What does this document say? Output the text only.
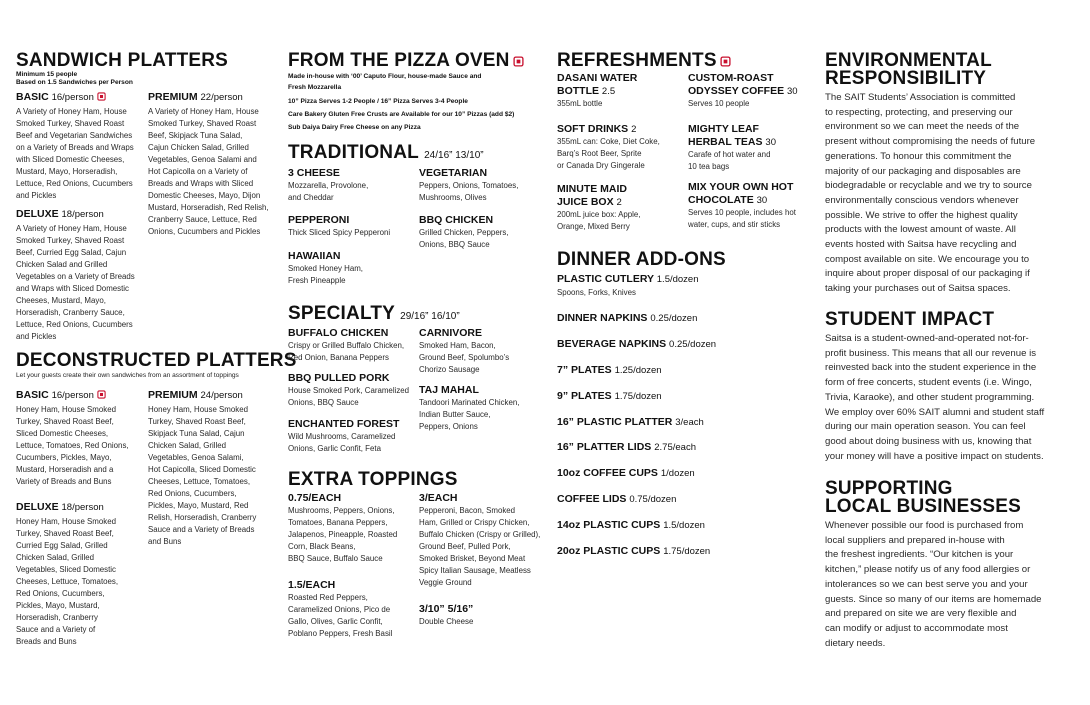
SANDWICH PLATTERS
Minimum 15 people
Based on 1.5 Sandwiches per Person
BASIC 16/person
A Variety of Honey Ham, House
Smoked Turkey, Shaved Roast
Beef and Vegetarian Sandwiches
on a Variety of Breads and Wraps
with Sliced Domestic Cheeses,
Mustard, Mayo, Horseradish,
Lettuce, Red Onions, Cucumbers
and Pickles
PREMIUM 22/person
A Variety of Honey Ham, House
Smoked Turkey, Shaved Roast
Beef, Skipjack Tuna Salad,
Cajun Chicken Salad, Grilled
Vegetables, Genoa Salami and
Hot Capicolla on a Variety of
Breads and Wraps with Sliced
Domestic Cheeses, Mayo, Dijon
Mustard, Horseradish, Red Relish,
Cranberry Sauce, Lettuce, Red
Onions, Cucumbers and Pickles
DELUXE 18/person
A Variety of Honey Ham, House
Smoked Turkey, Shaved Roast
Beef, Curried Egg Salad, Cajun
Chicken Salad and Grilled
Vegetables on a Variety of Breads
and Wraps with Sliced Domestic
Cheeses, Mustard, Mayo,
Horseradish, Cranberry Sauce,
Lettuce, Red Onions, Cucumbers
and Pickles
DECONSTRUCTED PLATTERS
Let your guests create their own sandwiches from an assortment of toppings
BASIC 16/person
Honey Ham, House Smoked
Turkey, Shaved Roast Beef,
Sliced Domestic Cheeses,
Lettuce, Tomatoes, Red Onions,
Cucumbers, Pickles, Mayo,
Mustard, Horseradish and a
Variety of Breads and Buns
PREMIUM 24/person
Honey Ham, House Smoked
Turkey, Shaved Roast Beef,
Skipjack Tuna Salad, Cajun
Chicken Salad, Grilled
Vegetables, Genoa Salami,
Hot Capicolla, Sliced Domestic
Cheeses, Lettuce, Tomatoes,
Red Onions, Cucumbers,
Pickles, Mayo, Mustard, Red
Relish, Horseradish, Cranberry
Sauce and a Variety of Breads
and Buns
DELUXE 18/person
Honey Ham, House Smoked
Turkey, Shaved Roast Beef,
Curried Egg Salad, Grilled
Chicken Salad, Grilled
Vegetables, Sliced Domestic
Cheeses, Lettuce, Tomatoes,
Red Onions, Cucumbers,
Pickles, Mayo, Mustard,
Horseradish, Cranberry
Sauce and a Variety of
Breads and Buns
FROM THE PIZZA OVEN
Made in-house with ‘00’ Caputo Flour, house-made Sauce and
Fresh Mozzarella
10” Pizza Serves 1-2 People / 16” Pizza Serves 3-4 People
Care Bakery Gluten Free Crusts are Available for our 10” Pizzas (add $2)
Sub Daiya Dairy Free Cheese on any Pizza
TRADITIONAL 24/16” 13/10”
3 CHEESE
Mozzarella, Provolone,
and Cheddar
VEGETARIAN
Peppers, Onions, Tomatoes,
Mushrooms, Olives
PEPPERONI
Thick Sliced Spicy Pepperoni
BBQ CHICKEN
Grilled Chicken, Peppers,
Onions, BBQ Sauce
HAWAIIAN
Smoked Honey Ham,
Fresh Pineapple
SPECIALTY 29/16” 16/10”
BUFFALO CHICKEN
Crispy or Grilled Buffalo Chicken,
Red Onion, Banana Peppers
CARNIVORE
Smoked Ham, Bacon,
Ground Beef, Spolumbo’s
Chorizo Sausage
BBQ PULLED PORK
House Smoked Pork, Caramelized
Onions, BBQ Sauce
TAJ MAHAL
Tandoori Marinated Chicken,
Indian Butter Sauce,
Peppers, Onions
ENCHANTED FOREST
Wild Mushrooms, Caramelized
Onions, Garlic Confit, Feta
EXTRA TOPPINGS
0.75/EACH
Mushrooms, Peppers, Onions,
Tomatoes, Banana Peppers,
Jalapenos, Pineapple, Roasted
Corn, Black Beans,
BBQ Sauce, Buffalo Sauce
3/EACH
Pepperoni, Bacon, Smoked
Ham, Grilled or Crispy Chicken,
Buffalo Chicken (Crispy or Grilled),
Ground Beef, Pulled Pork,
Smoked Brisket, Beyond Meat
Spicy Italian Sausage, Meatless
Veggie Ground
1.5/EACH
Roasted Red Peppers,
Caramelized Onions, Pico de
Gallo, Olives, Garlic Confit,
Poblano Peppers, Fresh Basil
3/10” 5/16”
Double Cheese
REFRESHMENTS
DASANI WATER
BOTTLE 2.5
355mL bottle
CUSTOM-ROAST
ODYSSEY COFFEE 30
Serves 10 people
SOFT DRINKS 2
355mL can: Coke, Diet Coke,
Barq’s Root Beer, Sprite
or Canada Dry Gingerale
MIGHTY LEAF
HERBAL TEAS 30
Carafe of hot water and
10 tea bags
MINUTE MAID
JUICE BOX 2
200mL juice box: Apple,
Orange, Mixed Berry
MIX YOUR OWN HOT
CHOCOLATE 30
Serves 10 people, includes hot
water, cups, and stir sticks
DINNER ADD-ONS
PLASTIC CUTLERY 1.5/dozen
Spoons, Forks, Knives
DINNER NAPKINS 0.25/dozen
BEVERAGE NAPKINS 0.25/dozen
7” PLATES 1.25/dozen
9” PLATES 1.75/dozen
16” PLASTIC PLATTER 3/each
16” PLATTER LIDS 2.75/each
10oz COFFEE CUPS 1/dozen
COFFEE LIDS 0.75/dozen
14oz PLASTIC CUPS 1.5/dozen
20oz PLASTIC CUPS 1.75/dozen
ENVIRONMENTAL
RESPONSIBILITY
The SAIT Students’ Association is committed
to respecting, protecting, and preserving our
environment so we can meet the needs of the
present without compromising the needs of future
generations. To honour this commitment the
majority of our packaging and disposables are
biodegradable or recyclable and we try to source
environmentally conscious vendors whenever
possible. We strive to offer the highest quality
products with the lowest amount of waste. All
events hosted with Saitsa have recycling and
compost available on site. We encourage you to
inquire about proper disposal of our packaging if
taking your purchases out of Saitsa spaces.
STUDENT IMPACT
Saitsa is a student-owned-and-operated not-for-
profit business. This means that all our revenue is
reinvested back into the student experience in the
form of free concerts, student events (i.e. Wingo,
Trivia, Karaoke), and other student programming.
We employ over 60% SAIT alumni and student staff
during our main operation season. You can feel
good about doing business with us, knowing that
your money will have a positive impact on students.
SUPPORTING
LOCAL BUSINESSES
Whenever possible our food is purchased from
local suppliers and prepared in-house with
the freshest ingredients. “Our kitchen is your
kitchen,” please notify us of any food allergies or
intolerances so we can best serve you and your
guests. Since so many of our items are homemade
and prepared on site we are very flexible and
can modify or adjust to accommodate most
dietary needs.
